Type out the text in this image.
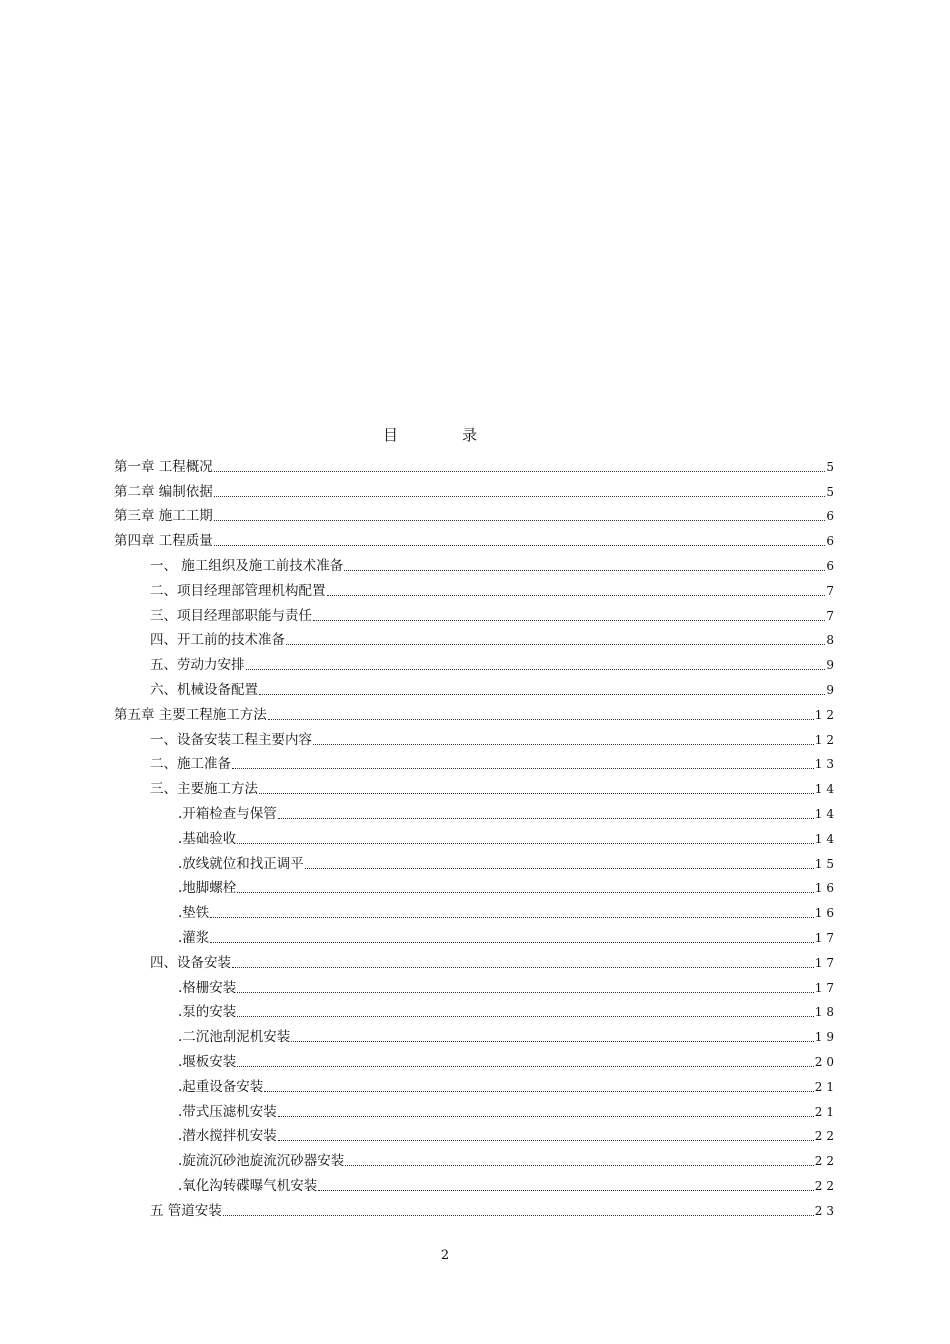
目	录
第一章 工程概况	5
第二章 编制依据	5
第三章 施工工期	6
第四章 工程质量	6
一、 施工组织及施工前技术准备	6
二、项目经理部管理机构配置	7
三、项目经理部职能与责任	7
四、开工前的技术准备	8
五、劳动力安排	9
六、机械设备配置	9
第五章 主要工程施工方法	12
一、设备安装工程主要内容	12
二、施工准备	13
三、主要施工方法	14
.开箱检查与保管	14
.基础验收	14
.放线就位和找正调平	15
.地脚螺栓	16
.垫铁	16
.灌浆	17
四、设备安装	17
.格栅安装	17
.泵的安装	18
.二沉池刮泥机安装	19
.堰板安装	20
.起重设备安装	21
.带式压滤机安装	21
.潜水搅拌机安装	22
.旋流沉砂池旋流沉砂器安装	22
.氧化沟转碟曝气机安装	22
五 管道安装	23
2
